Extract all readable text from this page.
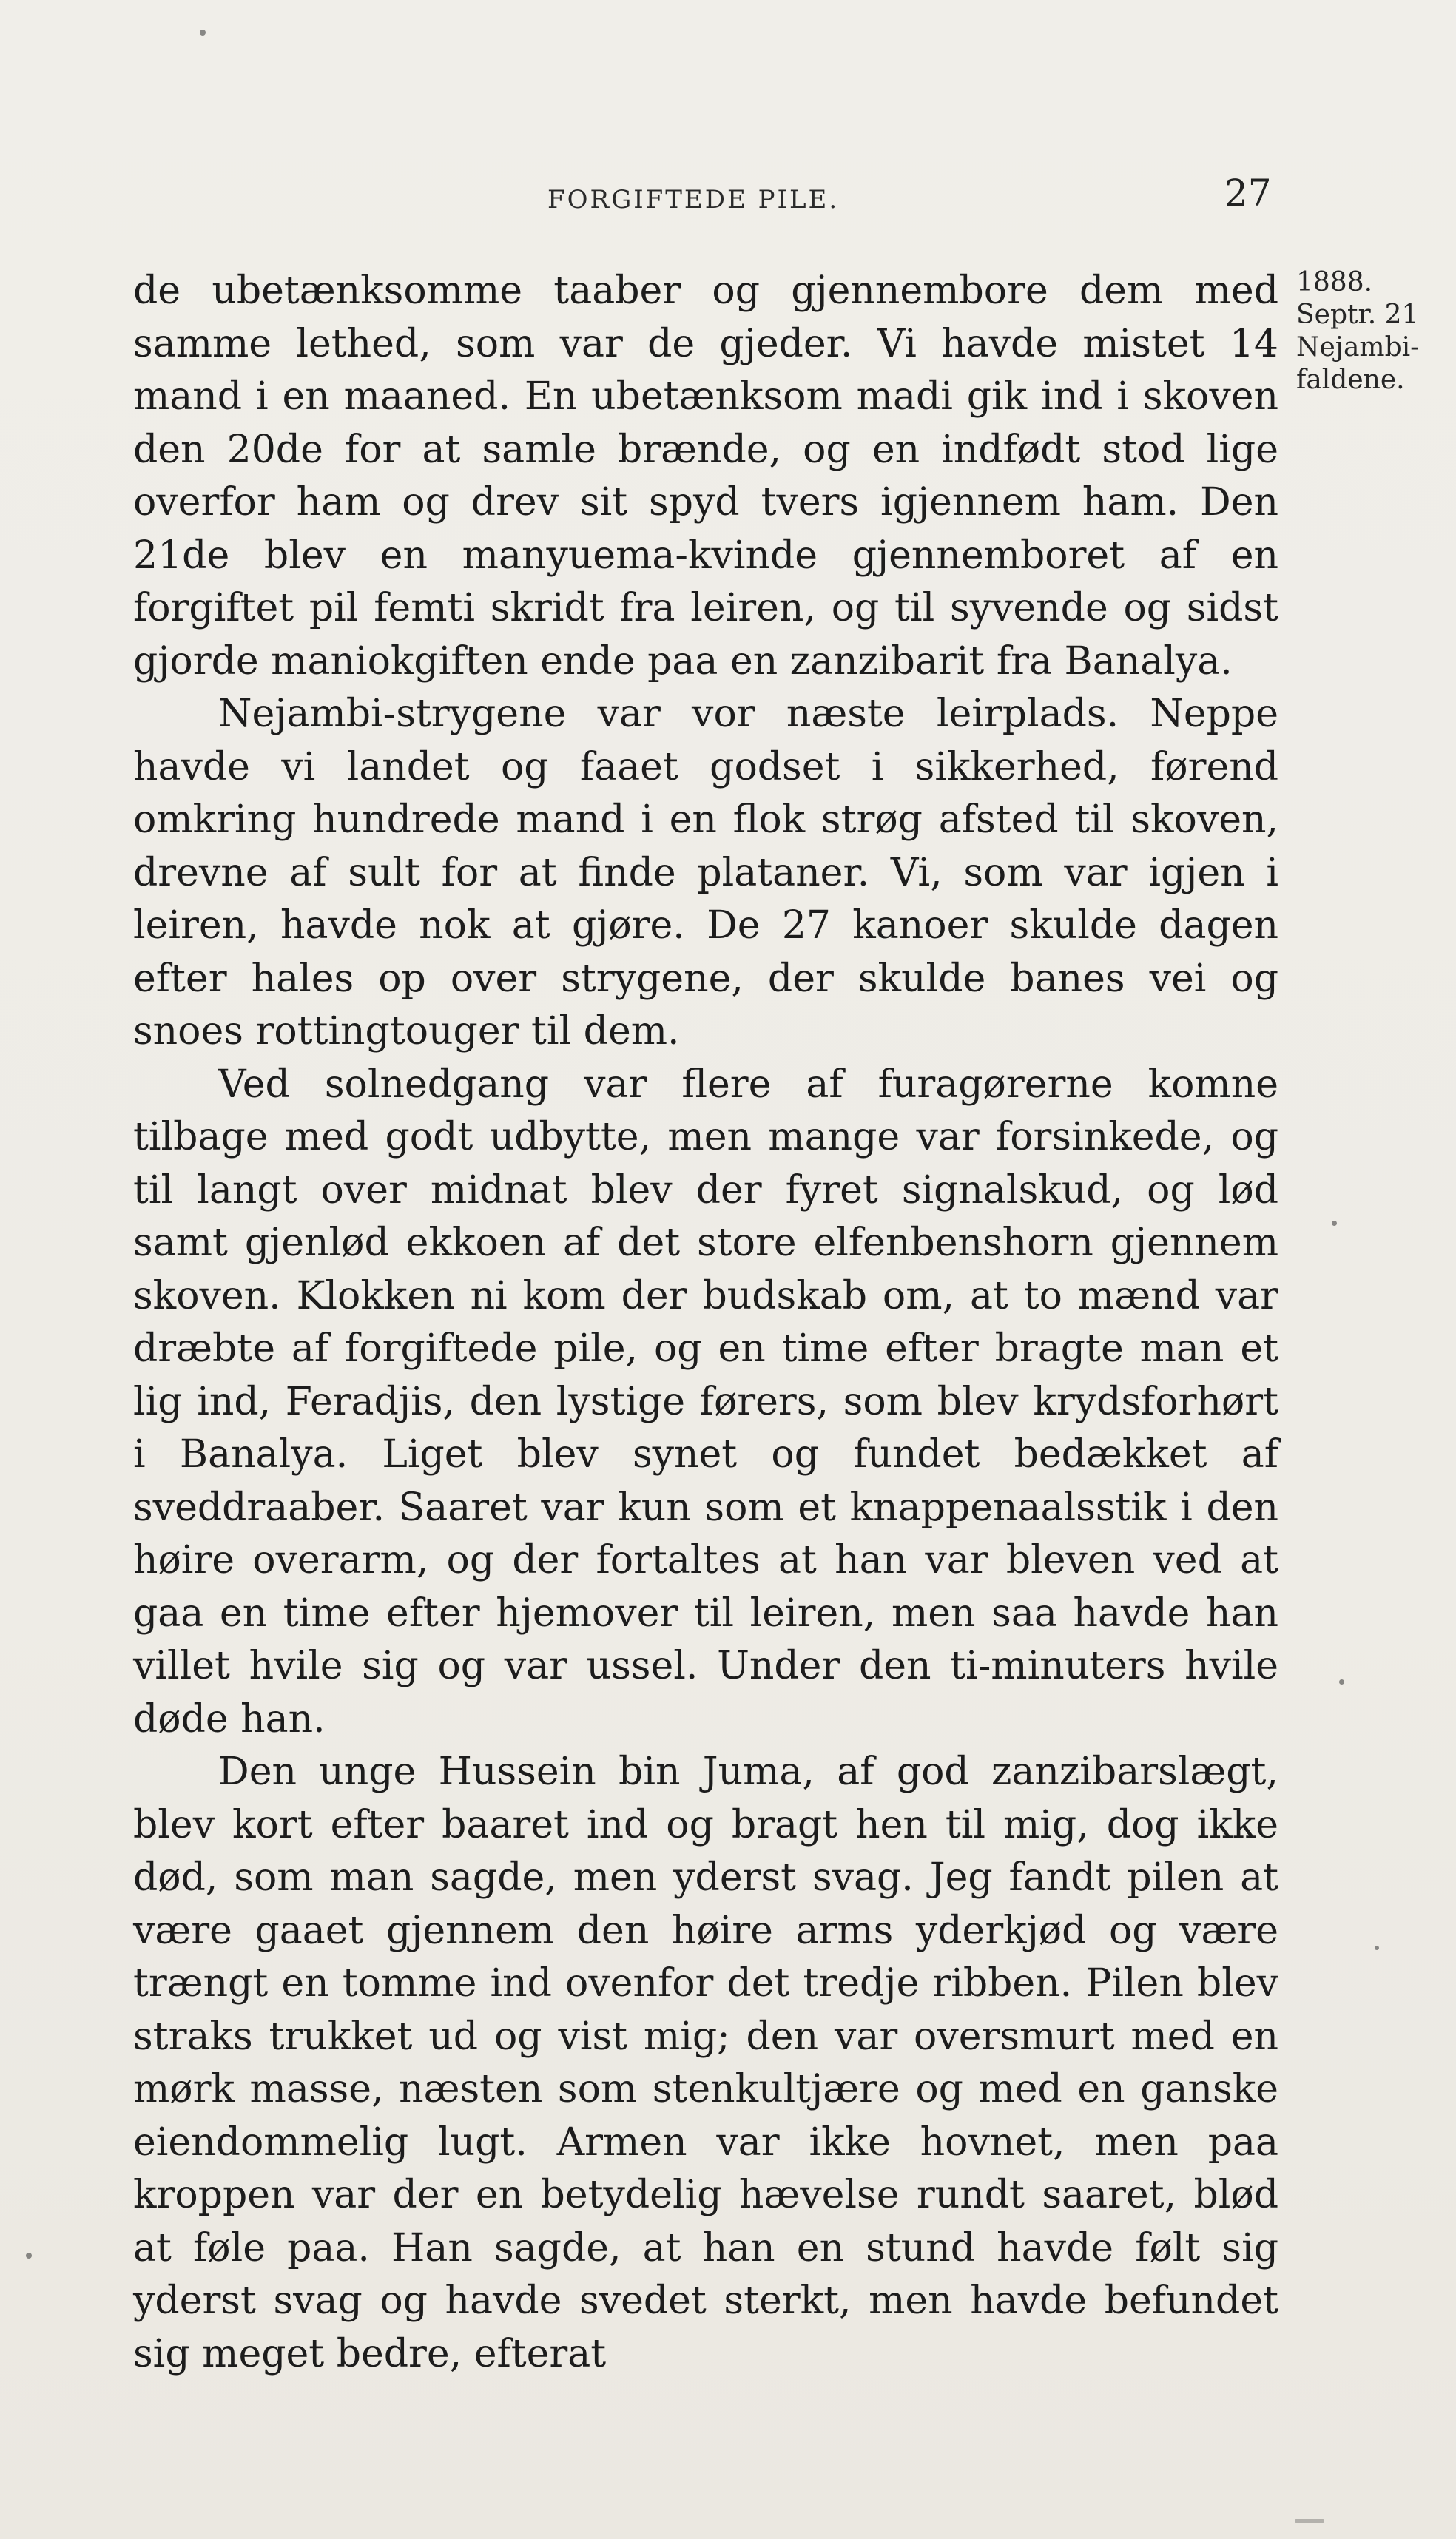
FORGIFTEDE PILE.	27
1888.
Septr. 21
Nejambi-
faldene.

de ubetænksomme taaber og gjennembore dem med samme lethed, som var de gjeder. Vi havde mistet 14 mand i en maaned. En ubetænksom madi gik ind i skoven den 20de for at samle brænde, og en indfødt stod lige overfor ham og drev sit spyd tvers igjennem ham. Den 21de blev en manyuema-kvinde gjennemboret af en forgiftet pil femti skridt fra leiren, og til syvende og sidst gjorde maniokgiften ende paa en zanzibarit fra Banalya.

Nejambi-strygene var vor næste leirplads. Neppe havde vi landet og faaet godset i sikkerhed, førend omkring hundrede mand i en flok strøg afsted til skoven, drevne af sult for at finde plataner. Vi, som var igjen i leiren, havde nok at gjøre. De 27 kanoer skulde dagen efter hales op over strygene, der skulde banes vei og snoes rottingtouger til dem.

Ved solnedgang var flere af furagørerne komne tilbage med godt udbytte, men mange var forsinkede, og til langt over midnat blev der fyret signalskud, og lød samt gjenlød ekkoen af det store elfenbenshorn gjennem skoven. Klokken ni kom der budskab om, at to mænd var dræbte af forgiftede pile, og en time efter bragte man et lig ind, Feradjis, den lystige førers, som blev krydsforhørt i Banalya. Liget blev synet og fundet bedækket af sveddraaber. Saaret var kun som et knappenaalsstik i den høire overarm, og der fortaltes at han var bleven ved at gaa en time efter hjemover til leiren, men saa havde han villet hvile sig og var ussel. Under den ti-minuters hvile døde han.

Den unge Hussein bin Juma, af god zanzibarslægt, blev kort efter baaret ind og bragt hen til mig, dog ikke død, som man sagde, men yderst svag. Jeg fandt pilen at være gaaet gjennem den høire arms yderkjød og være trængt en tomme ind ovenfor det tredje ribben. Pilen blev straks trukket ud og vist mig; den var oversmurt med en mørk masse, næsten som stenkultjære og med en ganske eiendommelig lugt. Armen var ikke hovnet, men paa kroppen var der en betydelig hævelse rundt saaret, blød at føle paa. Han sagde, at han en stund havde følt sig yderst svag og havde svedet sterkt, men havde befundet sig meget bedre, efterat
